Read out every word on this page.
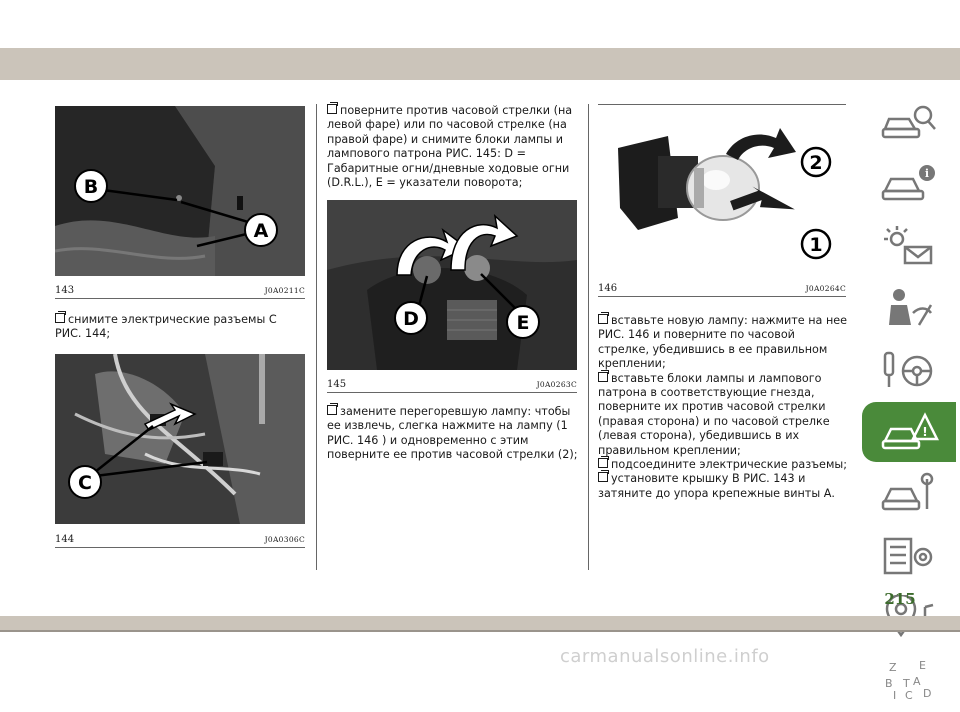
B
A
143	J0A0211C

снимите электрические разъемы C РИС. 144;

C
144	J0A0306C

поверните против часовой стрелки (на левой фаре) или по часовой стрелке (на правой фаре) и снимите блоки лампы и лампового патрона РИС. 145: D = Габаритные огни/дневные ходовые огни (D.R.L.), E = указатели поворота;

D	E
145	J0A0263C

замените перегоревшую лампу: чтобы ее извлечь, слегка нажмите на лампу (1 РИС. 146 ) и одновременно с этим поверните ее против часовой стрелки (2);

2
1
146	J0A0264C

вставьте новую лампу: нажмите на нее РИС. 146 и поверните по часовой стрелке, убедившись в ее правильном креплении;

вставьте блоки лампы и лампового патрона в соответствующие гнезда, поверните их против часовой стрелки (правая сторона) и по часовой стрелке (левая сторона), убедившись в их правильном креплении;

подсоедините электрические разъемы;

установите крышку В РИС. 143 и затяните до упора крепежные винты А.

i
!
Z E
B A
I C D
T
215
carmanualsonline.info
